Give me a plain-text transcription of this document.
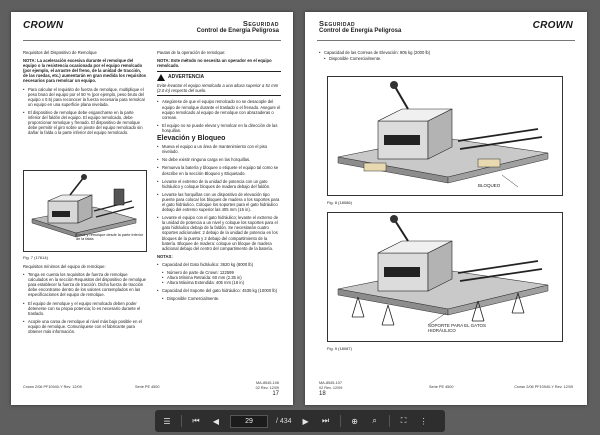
CROWN	Seguridad
Control de Energía Peligrosa

Requisitos del Dispositivo de Remolque

NOTA: La aceleración excesiva durante el remolque del equipo o la resistencia ocasionada por el equipo remolcado (por ejemplo, el arrastre del freno, de la unidad de tracción, de las ruedas, etc.) aumentarán en gran medida los requisitos necesarios para remolcar un equipo.

• Para calcular el requisito de fuerza de remolque, multiplique el peso bruto del equipo por el 50 % (por ejemplo, peso bruto del equipo x 0.5) para reconocer la fuerza necesaria para remolcar un equipo en una superficie plana nivelada.
• El dispositivo de remolque debe engancharse en la parte inferior del faldón del equipo. El equipo remolcado, debe proporcionar remolque y frenado. El dispositivo de remolque debe permitir el giro sobre un pivote del equipo remolcado sin dañar la falda o la parte inferior del equipo remolcado.
Eleve y remolque desde la parte inferior de la falda
Fig. 7 (17614)

Requisitos mínimos del equipo de remolque:

• Tenga en cuenta los requisitos de fuerza de remolque calculados en la sección Requisitos del dispositivo de remolque para establecer la fuerza de tracción. Dicha fuerza de tracción debe encontrarse dentro de los valores contemplados en las especificaciones del equipo de remolque.
• El equipo de remolque y el equipo remolcado deben poder detenerse con su propia potencia; lo es necesario durante el traslado.
• Acople una cama de remolque al nivel más bajo posible en el equipo de remolque. Comuníquese con el fabricante para obtener más información.

Pautas de la operación de remolque:

NOTA: Este método no necesita un operador en el equipo remolcado.

ADVERTENCIA
Evite levantar el equipo remolcado a una altura superior a 51 mm (2.0 in) respecto del suelo.
• Asegúrese de que el equipo remolcado no se desacople del equipo de remolque durante el traslado o el frenado. Asegure el equipo remolcado al equipo de remolque con abrazaderas o correas.
• El equipo no se puede elevar y remolcar en la dirección de las horquillas.
Elevación y Bloqueo
• Mueva el equipo a un área de mantenimiento con el piso nivelado.
• No debe existir ninguna carga en las horquillas.
• Remueva la batería y bloquee o etiquete el equipo tal como se describe en la sección Bloqueo y Etiquetado.
• Levante el extremo de la unidad de potencia con un gato hidráulico y coloque bloques de madera debajo del faldón.
• Levante las horquillas con un dispositivo de elevación tipo puente para colocar los bloques de madera o los soportes para el gato hidráulico. Coloque los soportes para el gato hidráulico debajo del extremo superior las 405 mm (16 in).
• Levante el equipo con el gato hidráulico; levante el extremo de la unidad de potencia a un nivel y coloque los soportes para el gato hidráulico debajo de la faldón. Se necesitarán cuatro soportes adicionales: 2 debajo de la unidad de potencia en los bloques de la puerta y 2 debajo del compartimiento de la batería. Bloquee de madera: coloque un bloque de madera adicional debajo del centro del compartimento de la batería.

NOTAS:

• Capacidad del Gato hidráulico: 3620 kg (8000 lb)
• Número de parte de Crown: 122599
• Altura Mínima Retraída: 60 mm (2.35 in)
• Altura Máxima Extendida: 405 mm (16 in)
• Capacidad del Soporte del gato hidráulico: 4535 kg (10000 lb)
• Disponible Comercialmente.
Crown 2/06 PF10940-Y Rev. 12/09	Serie PE 4500
MA-8545-106
02 Rev. 12/09
17
Seguridad
Control de Energía Peligrosa
CROWN
• Capacidad de las Correas de Elevación: 905 kg (2000 lb)
• Disponible Comercialmente.
BLOQUEO
Fig. 8 (18086)
SOPORTE PARA EL GATOS HIDRÁULICO
Fig. 9 (18087)
MA-8545-107
02 Rev. 12/09	Serie PE 4500	Crown 2/06 PF10940-Y Rev. 12/09
18
☰	⏮	◀
29	/ 434	▶	⏭	⊕	⌕	⛶	⋮
